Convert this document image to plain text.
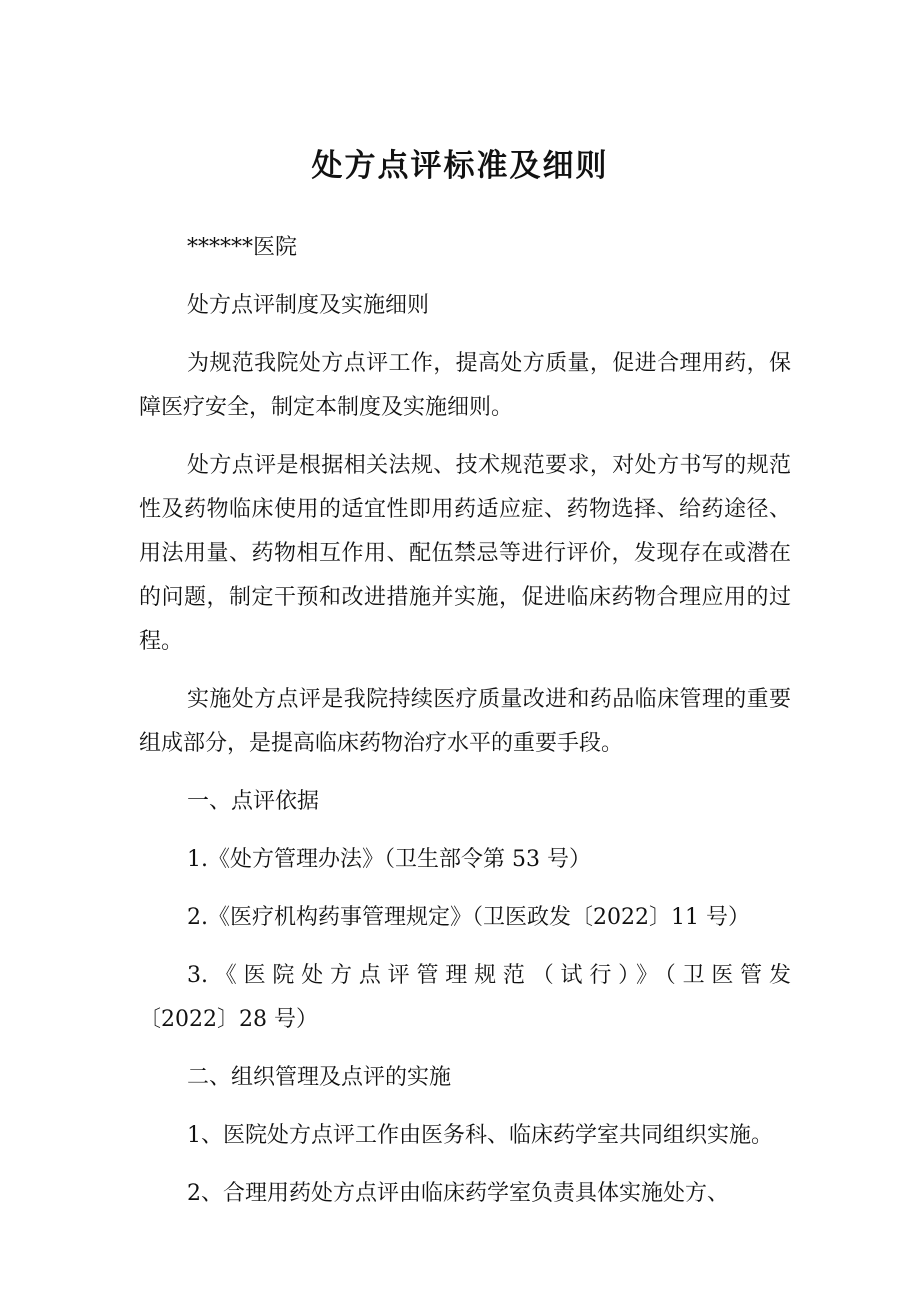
处方点评标准及细则

******医院

处方点评制度及实施细则

为规范我院处方点评工作，提高处方质量，促进合理用药，保障医疗安全，制定本制度及实施细则。

处方点评是根据相关法规、技术规范要求，对处方书写的规范性及药物临床使用的适宜性即用药适应症、药物选择、给药途径、用法用量、药物相互作用、配伍禁忌等进行评价，发现存在或潜在的问题，制定干预和改进措施并实施，促进临床药物合理应用的过程。

实施处方点评是我院持续医疗质量改进和药品临床管理的重要组成部分，是提高临床药物治疗水平的重要手段。

一、点评依据

1.《处方管理办法》（卫生部令第 53 号）

2.《医疗机构药事管理规定》（卫医政发〔2022〕11 号）

3.《医院处方点评管理规范（试行）》（卫医管发

〔2022〕28 号）

二、组织管理及点评的实施

1、医院处方点评工作由医务科、临床药学室共同组织实施。

2、合理用药处方点评由临床药学室负责具体实施处方、
